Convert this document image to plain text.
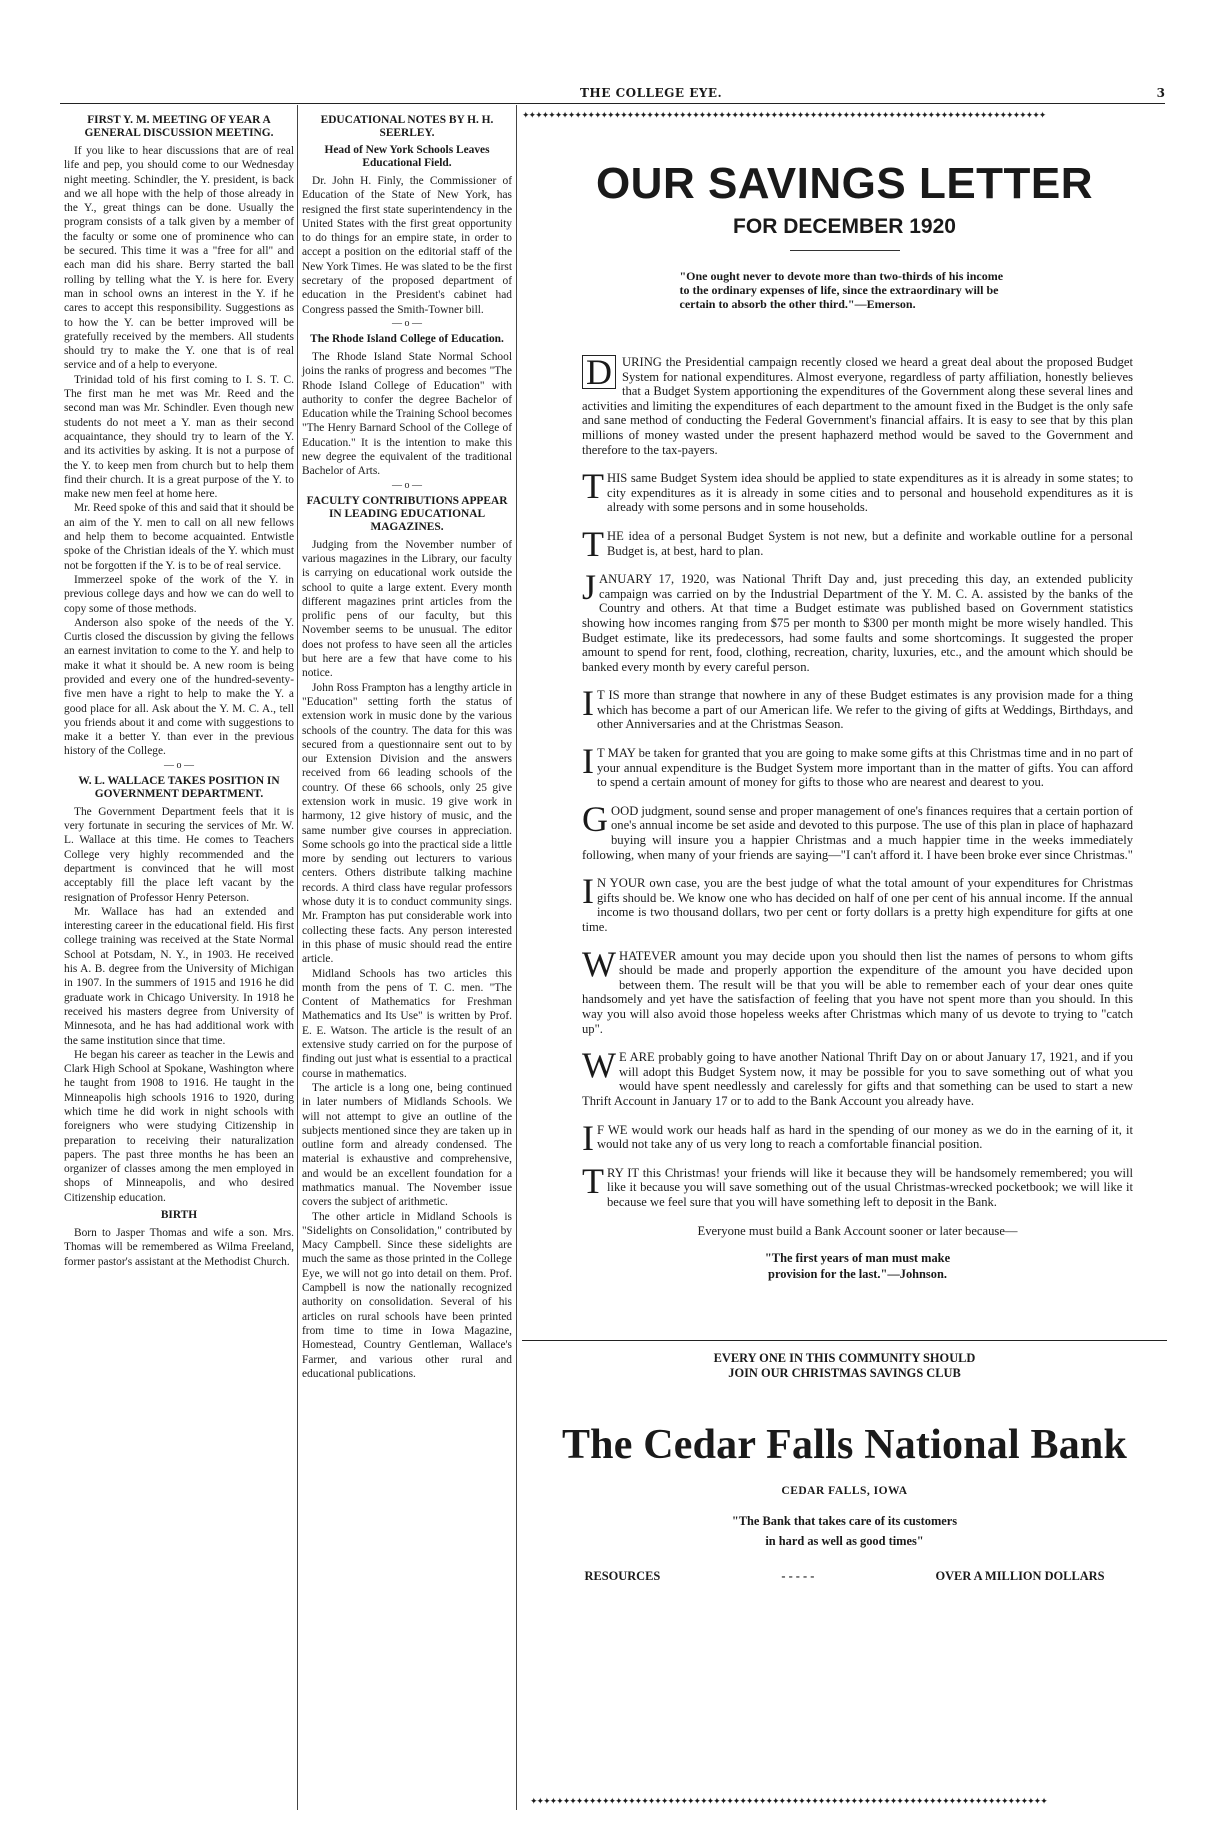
THE COLLEGE EYE.	3
FIRST Y. M. MEETING OF YEAR A GENERAL DISCUSSION MEETING.

If you like to hear discussions that are of real life and pep, you should come to our Wednesday night meeting. Schindler, the Y. president, is back and we all hope with the help of those already in the Y., great things can be done. Usually the program consists of a talk given by a member of the faculty or some one of prominence who can be secured. This time it was a "free for all" and each man did his share. Berry started the ball rolling by telling what the Y. is here for. Every man in school owns an interest in the Y. if he cares to accept this responsibility. Suggestions as to how the Y. can be better improved will be gratefully received by the members. All students should try to make the Y. one that is of real service and of a help to everyone.

Trinidad told of his first coming to I. S. T. C. The first man he met was Mr. Reed and the second man was Mr. Schindler. Even though new students do not meet a Y. man as their second acquaintance, they should try to learn of the Y. and its activities by asking. It is not a purpose of the Y. to keep men from church but to help them find their church. It is a great purpose of the Y. to make new men feel at home here.

Mr. Reed spoke of this and said that it should be an aim of the Y. men to call on all new fellows and help them to become acquainted. Entwistle spoke of the Christian ideals of the Y. which must not be forgotten if the Y. is to be of real service.

Immerzeel spoke of the work of the Y. in previous college days and how we can do well to copy some of those methods.

Anderson also spoke of the needs of the Y. Curtis closed the discussion by giving the fellows an earnest invitation to come to the Y. and help to make it what it should be. A new room is being provided and every one of the hundred-seventy-five men have a right to help to make the Y. a good place for all. Ask about the Y. M. C. A., tell you friends about it and come with suggestions to make it a better Y. than ever in the previous history of the College.

— o —
W. L. WALLACE TAKES POSITION IN GOVERNMENT DEPARTMENT.

The Government Department feels that it is very fortunate in securing the services of Mr. W. L. Wallace at this time. He comes to Teachers College very highly recommended and the department is convinced that he will most acceptably fill the place left vacant by the resignation of Professor Henry Peterson.

Mr. Wallace has had an extended and interesting career in the educational field. His first college training was received at the State Normal School at Potsdam, N. Y., in 1903. He received his A. B. degree from the University of Michigan in 1907. In the summers of 1915 and 1916 he did graduate work in Chicago University. In 1918 he received his masters degree from University of Minnesota, and he has had additional work with the same institution since that time.

He began his career as teacher in the Lewis and Clark High School at Spokane, Washington where he taught from 1908 to 1916. He taught in the Minneapolis high schools 1916 to 1920, during which time he did work in night schools with foreigners who were studying Citizenship in preparation to receiving their naturalization papers. The past three months he has been an organizer of classes among the men employed in shops of Minneapolis, and who desired Citizenship education.

BIRTH

Born to Jasper Thomas and wife a son. Mrs. Thomas will be remembered as Wilma Freeland, former pastor's assistant at the Methodist Church.

EDUCATIONAL NOTES BY H. H. SEERLEY.
Head of New York Schools Leaves Educational Field.

Dr. John H. Finly, the Commissioner of Education of the State of New York, has resigned the first state superintendency in the United States with the first great opportunity to do things for an empire state, in order to accept a position on the editorial staff of the New York Times. He was slated to be the first secretary of the proposed department of education in the President's cabinet had Congress passed the Smith-Towner bill.

— o —
The Rhode Island College of Education.

The Rhode Island State Normal School joins the ranks of progress and becomes "The Rhode Island College of Education" with authority to confer the degree Bachelor of Education while the Training School becomes "The Henry Barnard School of the College of Education." It is the intention to make this new degree the equivalent of the traditional Bachelor of Arts.

— o —
FACULTY CONTRIBUTIONS APPEAR IN LEADING EDUCATIONAL MAGAZINES.

Judging from the November number of various magazines in the Library, our faculty is carrying on educational work outside the school to quite a large extent. Every month different magazines print articles from the prolific pens of our faculty, but this November seems to be unusual. The editor does not profess to have seen all the articles but here are a few that have come to his notice.

John Ross Frampton has a lengthy article in "Education" setting forth the status of extension work in music done by the various schools of the country. The data for this was secured from a questionnaire sent out to by our Extension Division and the answers received from 66 leading schools of the country. Of these 66 schools, only 25 give extension work in music. 19 give work in harmony, 12 give history of music, and the same number give courses in appreciation. Some schools go into the practical side a little more by sending out lecturers to various centers. Others distribute talking machine records. A third class have regular professors whose duty it is to conduct community sings. Mr. Frampton has put considerable work into collecting these facts. Any person interested in this phase of music should read the entire article.

Midland Schools has two articles this month from the pens of T. C. men. "The Content of Mathematics for Freshman Mathematics and Its Use" is written by Prof. E. E. Watson. The article is the result of an extensive study carried on for the purpose of finding out just what is essential to a practical course in mathematics.

The article is a long one, being continued in later numbers of Midlands Schools. We will not attempt to give an outline of the subjects mentioned since they are taken up in outline form and already condensed. The material is exhaustive and comprehensive, and would be an excellent foundation for a mathmatics manual. The November issue covers the subject of arithmetic.

The other article in Midland Schools is "Sidelights on Consolidation," contributed by Macy Campbell. Since these sidelights are much the same as those printed in the College Eye, we will not go into detail on them. Prof. Campbell is now the nationally recognized authority on consolidation. Several of his articles on rural schools have been printed from time to time in Iowa Magazine, Homestead, Country Gentleman, Wallace's Farmer, and various other rural and educational publications.

✦✦✦✦✦✦✦✦✦✦✦✦✦✦✦✦✦✦✦✦✦✦✦✦✦✦✦✦✦✦✦✦✦✦✦✦✦✦✦✦✦✦✦✦✦✦✦✦✦✦✦✦✦✦✦✦✦✦✦✦✦✦✦✦✦✦✦✦✦✦✦✦✦✦✦✦✦✦✦✦
OUR SAVINGS LETTER
FOR DECEMBER 1920
"One ought never to devote more than two-thirds of his income to the ordinary expenses of life, since the extraordinary will be certain to absorb the other third."—Emerson.

D URING the Presidential campaign recently closed we heard a great deal about the proposed Budget System for national expenditures. Almost everyone, regardless of party affiliation, honestly believes that a Budget System apportioning the expenditures of the Government along these several lines and activities and limiting the expenditures of each department to the amount fixed in the Budget is the only safe and sane method of conducting the Federal Government's financial affairs. It is easy to see that by this plan millions of money wasted under the present haphazerd method would be saved to the Government and therefore to the tax-payers.

THIS same Budget System idea should be applied to state expenditures as it is already in some states; to city expenditures as it is already in some cities and to personal and household expenditures as it is already with some persons and in some households.

THE idea of a personal Budget System is not new, but a definite and workable outline for a personal Budget is, at best, hard to plan.

JANUARY 17, 1920, was National Thrift Day and, just preceding this day, an extended publicity campaign was carried on by the Industrial Department of the Y. M. C. A. assisted by the banks of the Country and others. At that time a Budget estimate was published based on Government statistics showing how incomes ranging from $75 per month to $300 per month might be more wisely handled. This Budget estimate, like its predecessors, had some faults and some shortcomings. It suggested the proper amount to spend for rent, food, clothing, recreation, charity, luxuries, etc., and the amount which should be banked every month by every careful person.

I T IS more than strange that nowhere in any of these Budget estimates is any provision made for a thing which has become a part of our American life. We refer to the giving of gifts at Weddings, Birthdays, and other Anniversaries and at the Christmas Season.

I T MAY be taken for granted that you are going to make some gifts at this Christmas time and in no part of your annual expenditure is the Budget System more important than in the matter of gifts. You can afford to spend a certain amount of money for gifts to those who are nearest and dearest to you.

GOOD judgment, sound sense and proper management of one's finances requires that a certain portion of one's annual income be set aside and devoted to this purpose. The use of this plan in place of haphazard buying will insure you a happier Christmas and a much happier time in the weeks immediately following, when many of your friends are saying—"I can't afford it. I have been broke ever since Christmas."

I N YOUR own case, you are the best judge of what the total amount of your expenditures for Christmas gifts should be. We know one who has decided on half of one per cent of his annual income. If the annual income is two thousand dollars, two per cent or forty dollars is a pretty high expenditure for gifts at one time.

WHATEVER amount you may decide upon you should then list the names of persons to whom gifts should be made and properly apportion the expenditure of the amount you have decided upon between them. The result will be that you will be able to remember each of your dear ones quite handsomely and yet have the satisfaction of feeling that you have not spent more than you should. In this way you will also avoid those hopeless weeks after Christmas which many of us devote to trying to "catch up".

W E ARE probably going to have another National Thrift Day on or about January 17, 1921, and if you will adopt this Budget System now, it may be possible for you to save something out of what you would have spent needlessly and carelessly for gifts and that something can be used to start a new Thrift Account in January 17 or to add to the Bank Account you already have.

I F WE would work our heads half as hard in the spending of our money as we do in the earning of it, it would not take any of us very long to reach a comfortable financial position.

TRY IT this Christmas! your friends will like it because they will be handsomely remembered; you will like it because you will save something out of the usual Christmas-wrecked pocketbook; we will like it because we feel sure that you will have something left to deposit in the Bank.

Everyone must build a Bank Account sooner or later because—
"The first years of man must make
provision for the last."—Johnson.
EVERY ONE IN THIS COMMUNITY SHOULD
JOIN OUR CHRISTMAS SAVINGS CLUB
The Cedar Falls National Bank
CEDAR FALLS, IOWA
"The Bank that takes care of its customers
in hard as well as good times"
RESOURCES	- - - - -	OVER A MILLION DOLLARS
✦✦✦✦✦✦✦✦✦✦✦✦✦✦✦✦✦✦✦✦✦✦✦✦✦✦✦✦✦✦✦✦✦✦✦✦✦✦✦✦✦✦✦✦✦✦✦✦✦✦✦✦✦✦✦✦✦✦✦✦✦✦✦✦✦✦✦✦✦✦✦✦✦✦✦✦✦✦✦
